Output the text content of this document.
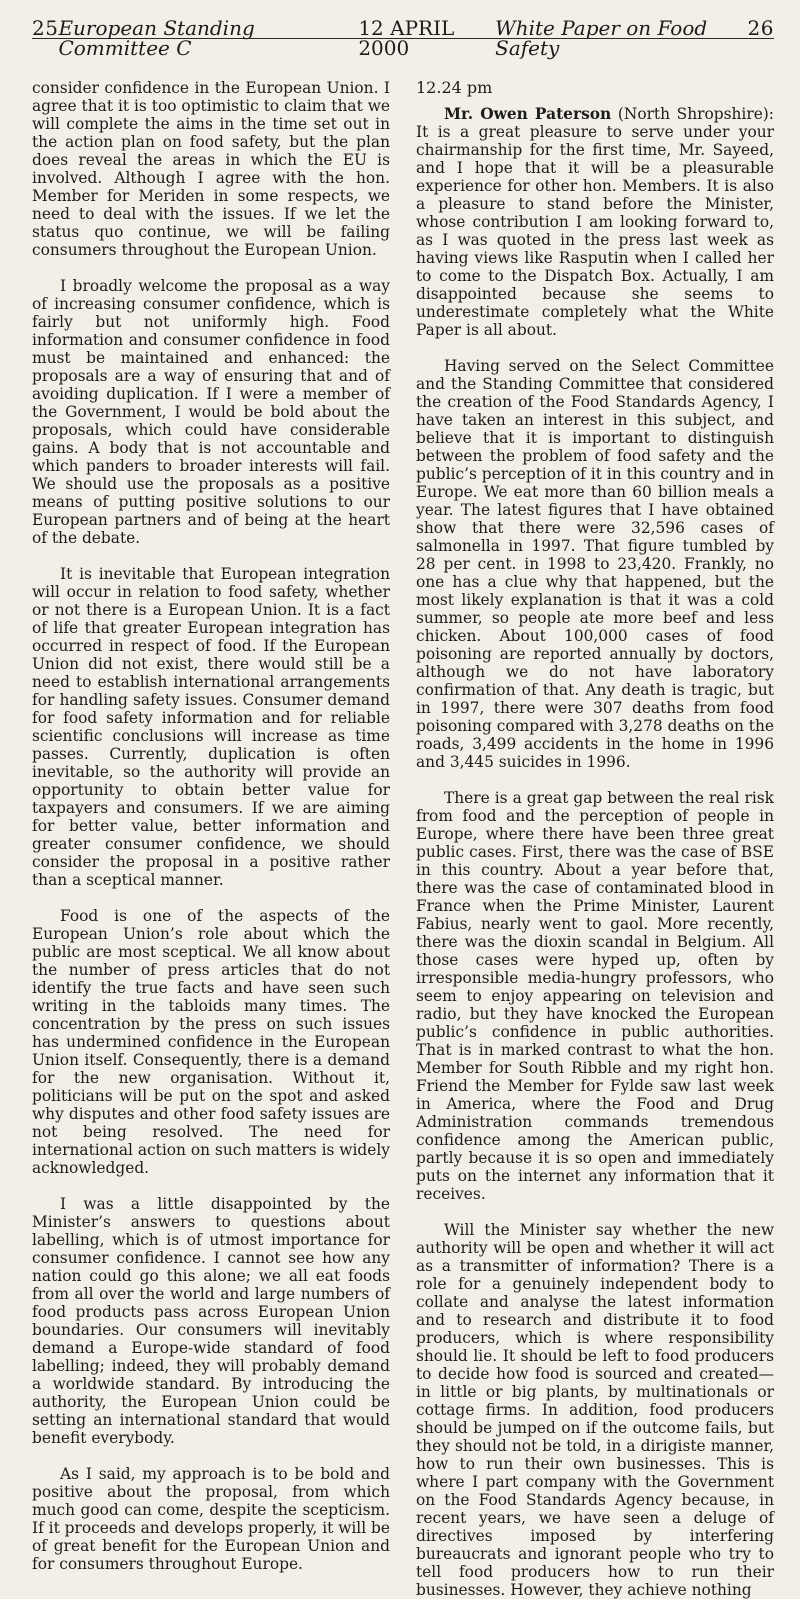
25 European Standing Committee C
12 APRIL 2000
White Paper on Food Safety
26

consider confidence in the European Union. I agree that it is too optimistic to claim that we will complete the aims in the time set out in the action plan on food safety, but the plan does reveal the areas in which the EU is involved. Although I agree with the hon. Member for Meriden in some respects, we need to deal with the issues. If we let the status quo continue, we will be failing consumers throughout the European Union.

I broadly welcome the proposal as a way of increasing consumer confidence, which is fairly but not uniformly high. Food information and consumer confidence in food must be maintained and enhanced: the proposals are a way of ensuring that and of avoiding duplication. If I were a member of the Government, I would be bold about the proposals, which could have considerable gains. A body that is not accountable and which panders to broader interests will fail. We should use the proposals as a positive means of putting positive solutions to our European partners and of being at the heart of the debate.

It is inevitable that European integration will occur in relation to food safety, whether or not there is a European Union. It is a fact of life that greater European integration has occurred in respect of food. If the European Union did not exist, there would still be a need to establish international arrangements for handling safety issues. Consumer demand for food safety information and for reliable scientific conclusions will increase as time passes. Currently, duplication is often inevitable, so the authority will provide an opportunity to obtain better value for taxpayers and consumers. If we are aiming for better value, better information and greater consumer confidence, we should consider the proposal in a positive rather than a sceptical manner.

Food is one of the aspects of the European Union’s role about which the public are most sceptical. We all know about the number of press articles that do not identify the true facts and have seen such writing in the tabloids many times. The concentration by the press on such issues has undermined confidence in the European Union itself. Consequently, there is a demand for the new organisation. Without it, politicians will be put on the spot and asked why disputes and other food safety issues are not being resolved. The need for international action on such matters is widely acknowledged.

I was a little disappointed by the Minister’s answers to questions about labelling, which is of utmost importance for consumer confidence. I cannot see how any nation could go this alone; we all eat foods from all over the world and large numbers of food products pass across European Union boundaries. Our consumers will inevitably demand a Europe-wide standard of food labelling; indeed, they will probably demand a worldwide standard. By introducing the authority, the European Union could be setting an international standard that would benefit everybody.

As I said, my approach is to be bold and positive about the proposal, from which much good can come, despite the scepticism. If it proceeds and develops properly, it will be of great benefit for the European Union and for consumers throughout Europe.

12.24 pm

Mr. Owen Paterson (North Shropshire): It is a great pleasure to serve under your chairmanship for the first time, Mr. Sayeed, and I hope that it will be a pleasurable experience for other hon. Members. It is also a pleasure to stand before the Minister, whose contribution I am looking forward to, as I was quoted in the press last week as having views like Rasputin when I called her to come to the Dispatch Box. Actually, I am disappointed because she seems to underestimate completely what the White Paper is all about.

Having served on the Select Committee and the Standing Committee that considered the creation of the Food Standards Agency, I have taken an interest in this subject, and believe that it is important to distinguish between the problem of food safety and the public’s perception of it in this country and in Europe. We eat more than 60 billion meals a year. The latest figures that I have obtained show that there were 32,596 cases of salmonella in 1997. That figure tumbled by 28 per cent. in 1998 to 23,420. Frankly, no one has a clue why that happened, but the most likely explanation is that it was a cold summer, so people ate more beef and less chicken. About 100,000 cases of food poisoning are reported annually by doctors, although we do not have laboratory confirmation of that. Any death is tragic, but in 1997, there were 307 deaths from food poisoning compared with 3,278 deaths on the roads, 3,499 accidents in the home in 1996 and 3,445 suicides in 1996.

There is a great gap between the real risk from food and the perception of people in Europe, where there have been three great public cases. First, there was the case of BSE in this country. About a year before that, there was the case of contaminated blood in France when the Prime Minister, Laurent Fabius, nearly went to gaol. More recently, there was the dioxin scandal in Belgium. All those cases were hyped up, often by irresponsible media-hungry professors, who seem to enjoy appearing on television and radio, but they have knocked the European public’s confidence in public authorities. That is in marked contrast to what the hon. Member for South Ribble and my right hon. Friend the Member for Fylde saw last week in America, where the Food and Drug Administration commands tremendous confidence among the American public, partly because it is so open and immediately puts on the internet any information that it receives.

Will the Minister say whether the new authority will be open and whether it will act as a transmitter of information? There is a role for a genuinely independent body to collate and analyse the latest information and to research and distribute it to food producers, which is where responsibility should lie. It should be left to food producers to decide how food is sourced and created—in little or big plants, by multinationals or cottage firms. In addition, food producers should be jumped on if the outcome fails, but they should not be told, in a dirigiste manner, how to run their own businesses. This is where I part company with the Government on the Food Standards Agency because, in recent years, we have seen a deluge of directives imposed by interfering bureaucrats and ignorant people who try to tell food producers how to run their businesses. However, they achieve nothing
